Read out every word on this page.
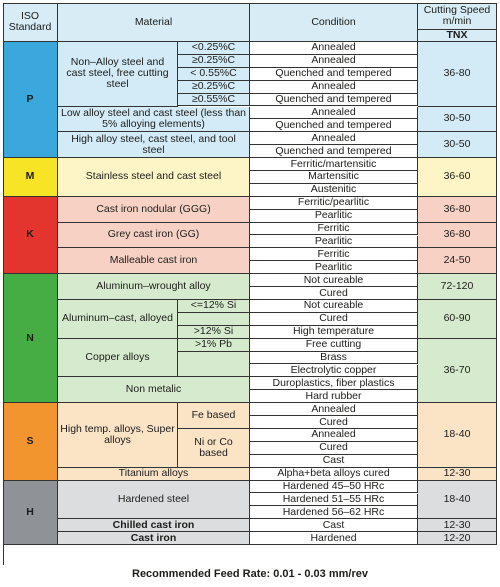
ISO Standard	Material	Condition
Cutting Speed m/min
TNX
P
M
K
N
S
H
Non–Alloy steel and cast steel, free cutting steel
<0.25%C
≥0.25%C
< 0.55%C
≥0.25%C
≥0.55%C
Low alloy steel and cast steel (less than 5% alloying elements)
High alloy steel, cast steel, and tool steel
Stainless steel and cast steel
Cast iron nodular (GGG)
Grey cast iron (GG)
Malleable cast iron
Aluminum–wrought alloy
Aluminum–cast, alloyed
<=12% Si
>12% Si
Copper alloys
>1% Pb
Non metalic
High temp. alloys, Super alloys
Fe based
Ni or Co based
Titanium alloys
Hardened steel
Chilled cast iron
Cast iron
Annealed
Annealed
Quenched and tempered
Annealed
Quenched and tempered
Annealed
Quenched and tempered
Annealed
Quenched and tempered
Ferritic/martensitic
Martensitic
Austenitic
Ferritic/pearlitic
Pearlitic
Ferritic
Pearlitic
Ferritic
Pearlitic
Not cureable
Cured
Not cureable
Cured
High temperature
Free cutting
Brass
Electrolytic copper
Duroplastics, fiber plastics
Hard rubber
Annealed
Cured
Annealed
Cured
Cast
Alpha+beta alloys cured
Hardened 45–50 HRc
Hardened 51–55 HRc
Hardened 56–62 HRc
Cast
Hardened
36-80
30-50
30-50
36-60
36-80
36-80
24-50
72-120
60-90
36-70
18-40
12-30
18-40
12-30
12-20
Recommended Feed Rate: 0.01 - 0.03 mm/rev
